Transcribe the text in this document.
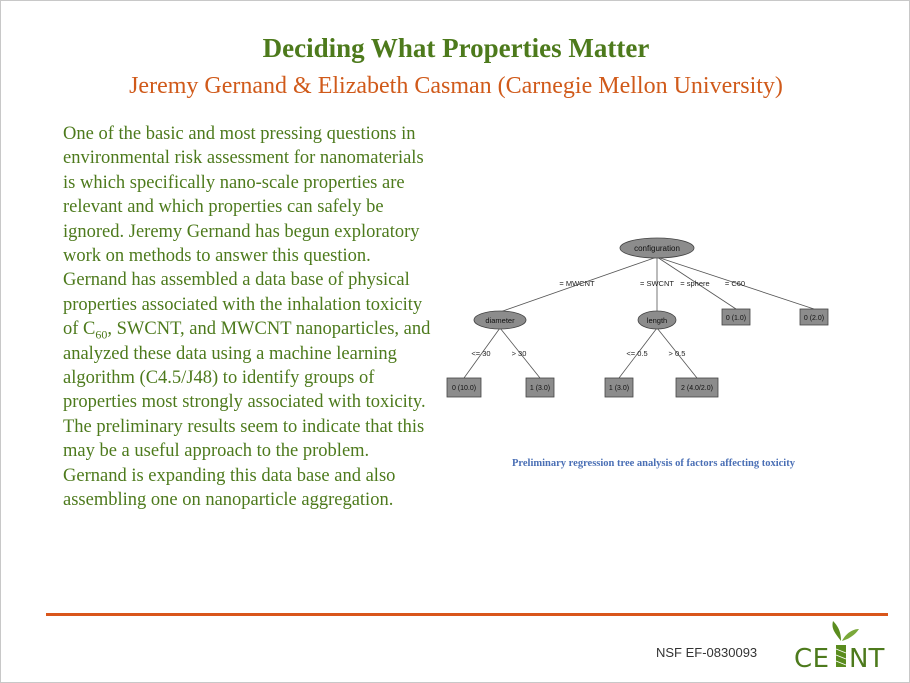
Deciding What Properties Matter
Jeremy Gernand & Elizabeth Casman (Carnegie Mellon University)
One of the basic and most pressing questions in environmental risk assessment for nanomaterials is which specifically nano-scale properties are relevant and which properties can safely be ignored. Jeremy Gernand has begun exploratory work on methods to answer this question. Gernand has assembled a data base of physical properties associated with the inhalation toxicity of $C_{60}$, SWCNT, and MWCNT nanoparticles, and analyzed these data using a machine learning algorithm (C4.5/J48) to identify groups of properties most strongly associated with toxicity. The preliminary results seem to indicate that this may be a useful approach to the problem. Gernand is expanding this data base and also assembling one on nanoparticle aggregation.
configuration
= MWCNT	= SWCNT = sphere = C60
diameter	length	0 (1.0)	0 (2.0)
<= 30	> 30	<= 0.5	> 0.5
0 (10.0)	1 (3.0)	1 (3.0)	2 (4.0/2.0)
Preliminary regression tree analysis of factors affecting toxicity
NSF EF-0830093 CE NT
